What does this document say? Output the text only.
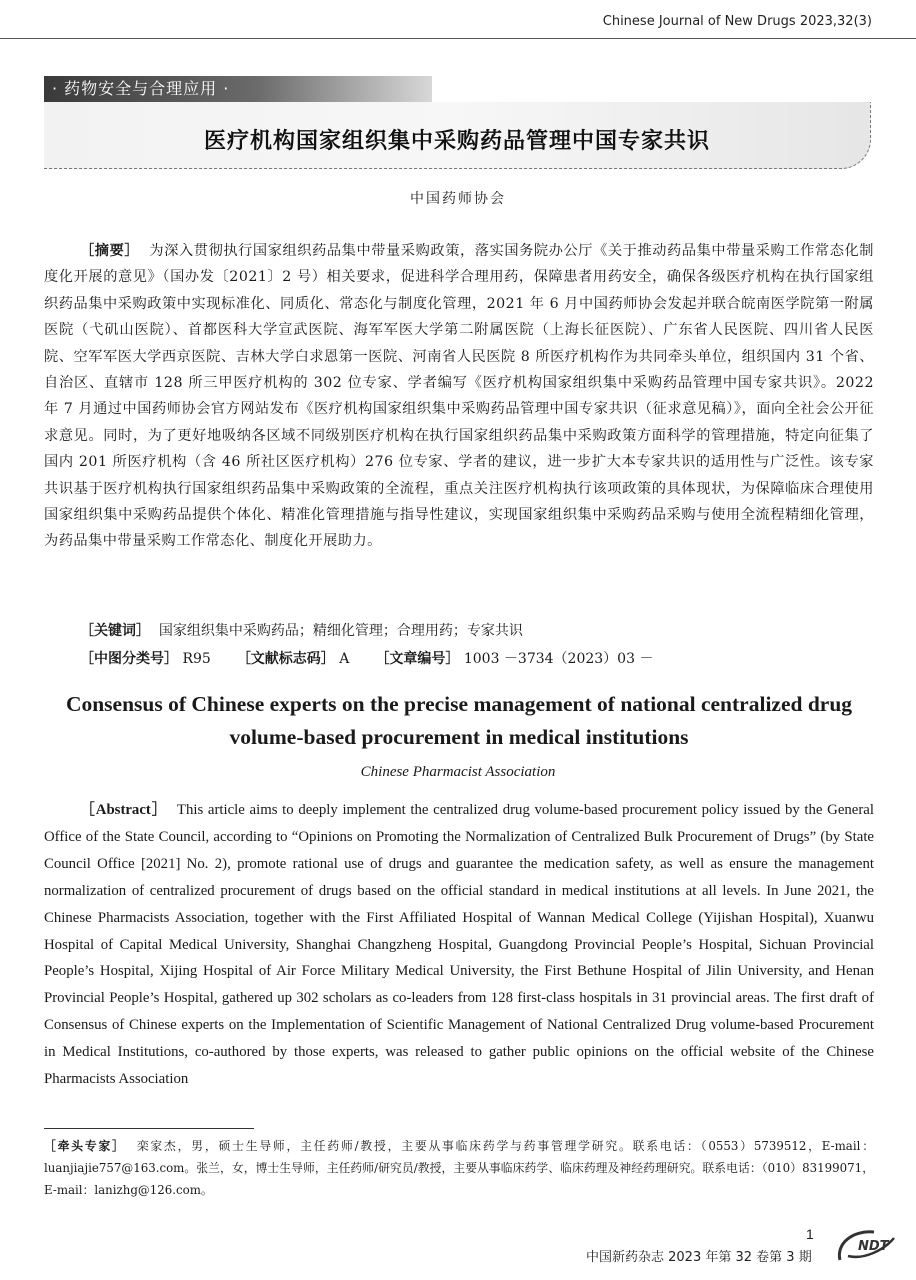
Chinese Journal of New Drugs 2023,32(3)
· 药物安全与合理应用 ·
医疗机构国家组织集中采购药品管理中国专家共识
中国药师协会

［摘要］ 为深入贯彻执行国家组织药品集中带量采购政策，落实国务院办公厅《关于推动药品集中带量采购工作常态化制度化开展的意见》（国办发〔2021〕2 号）相关要求，促进科学合理用药，保障患者用药安全，确保各级医疗机构在执行国家组织药品集中采购政策中实现标准化、同质化、常态化与制度化管理，2021 年 6 月中国药师协会发起并联合皖南医学院第一附属医院（弋矶山医院）、首都医科大学宣武医院、海军军医大学第二附属医院（上海长征医院）、广东省人民医院、四川省人民医院、空军军医大学西京医院、吉林大学白求恩第一医院、河南省人民医院 8 所医疗机构作为共同牵头单位，组织国内 31 个省、自治区、直辖市 128 所三甲医疗机构的 302 位专家、学者编写《医疗机构国家组织集中采购药品管理中国专家共识》。2022 年 7 月通过中国药师协会官方网站发布《医疗机构国家组织集中采购药品管理中国专家共识（征求意见稿）》，面向全社会公开征求意见。同时，为了更好地吸纳各区域不同级别医疗机构在执行国家组织药品集中采购政策方面科学的管理措施，特定向征集了国内 201 所医疗机构（含 46 所社区医疗机构）276 位专家、学者的建议，进一步扩大本专家共识的适用性与广泛性。该专家共识基于医疗机构执行国家组织药品集中采购政策的全流程，重点关注医疗机构执行该项政策的具体现状，为保障临床合理使用国家组织集中采购药品提供个体化、精准化管理措施与指导性建议，实现国家组织集中采购药品采购与使用全流程精细化管理，为药品集中带量采购工作常态化、制度化开展助力。

［关键词］ 国家组织集中采购药品；精细化管理；合理用药；专家共识

［中图分类号］ R95 ［文献标志码］ A ［文章编号］ 1003 －3734（2023）03 －

Consensus of Chinese experts on the precise management of national centralized drug volume-based procurement in medical institutions
Chinese Pharmacist Association

［Abstract］ This article aims to deeply implement the centralized drug volume-based procurement policy issued by the General Office of the State Council, according to “Opinions on Promoting the Normalization of Centralized Bulk Procurement of Drugs” (by State Council Office [2021] No. 2), promote rational use of drugs and guarantee the medication safety, as well as ensure the management normalization of centralized procurement of drugs based on the official standard in medical institutions at all levels. In June 2021, the Chinese Pharmacists Association, together with the First Affiliated Hospital of Wannan Medical College (Yijishan Hospital), Xuanwu Hospital of Capital Medical University, Shanghai Changzheng Hospital, Guangdong Provincial People’s Hospital, Sichuan Provincial People’s Hospital, Xijing Hospital of Air Force Military Medical University, the First Bethune Hospital of Jilin University, and Henan Provincial People’s Hospital, gathered up 302 scholars as co-leaders from 128 first-class hospitals in 31 provincial areas. The first draft of Consensus of Chinese experts on the Implementation of Scientific Management of National Centralized Drug volume-based Procurement in Medical Institutions, co-authored by those experts, was released to gather public opinions on the official website of the Chinese Pharmacists Association

［牵头专家］ 栾家杰，男，硕士生导师，主任药师/教授，主要从事临床药学与药事管理学研究。联系电话：（0553）5739512，E-mail：luanjiajie757@163.com。张兰，女，博士生导师，主任药师/研究员/教授，主要从事临床药学、临床药理及神经药理研究。联系电话：（010）83199071，E-mail：lanizhg@126.com。

1
中国新药杂志 2023 年第 32 卷第 3 期
NDT
